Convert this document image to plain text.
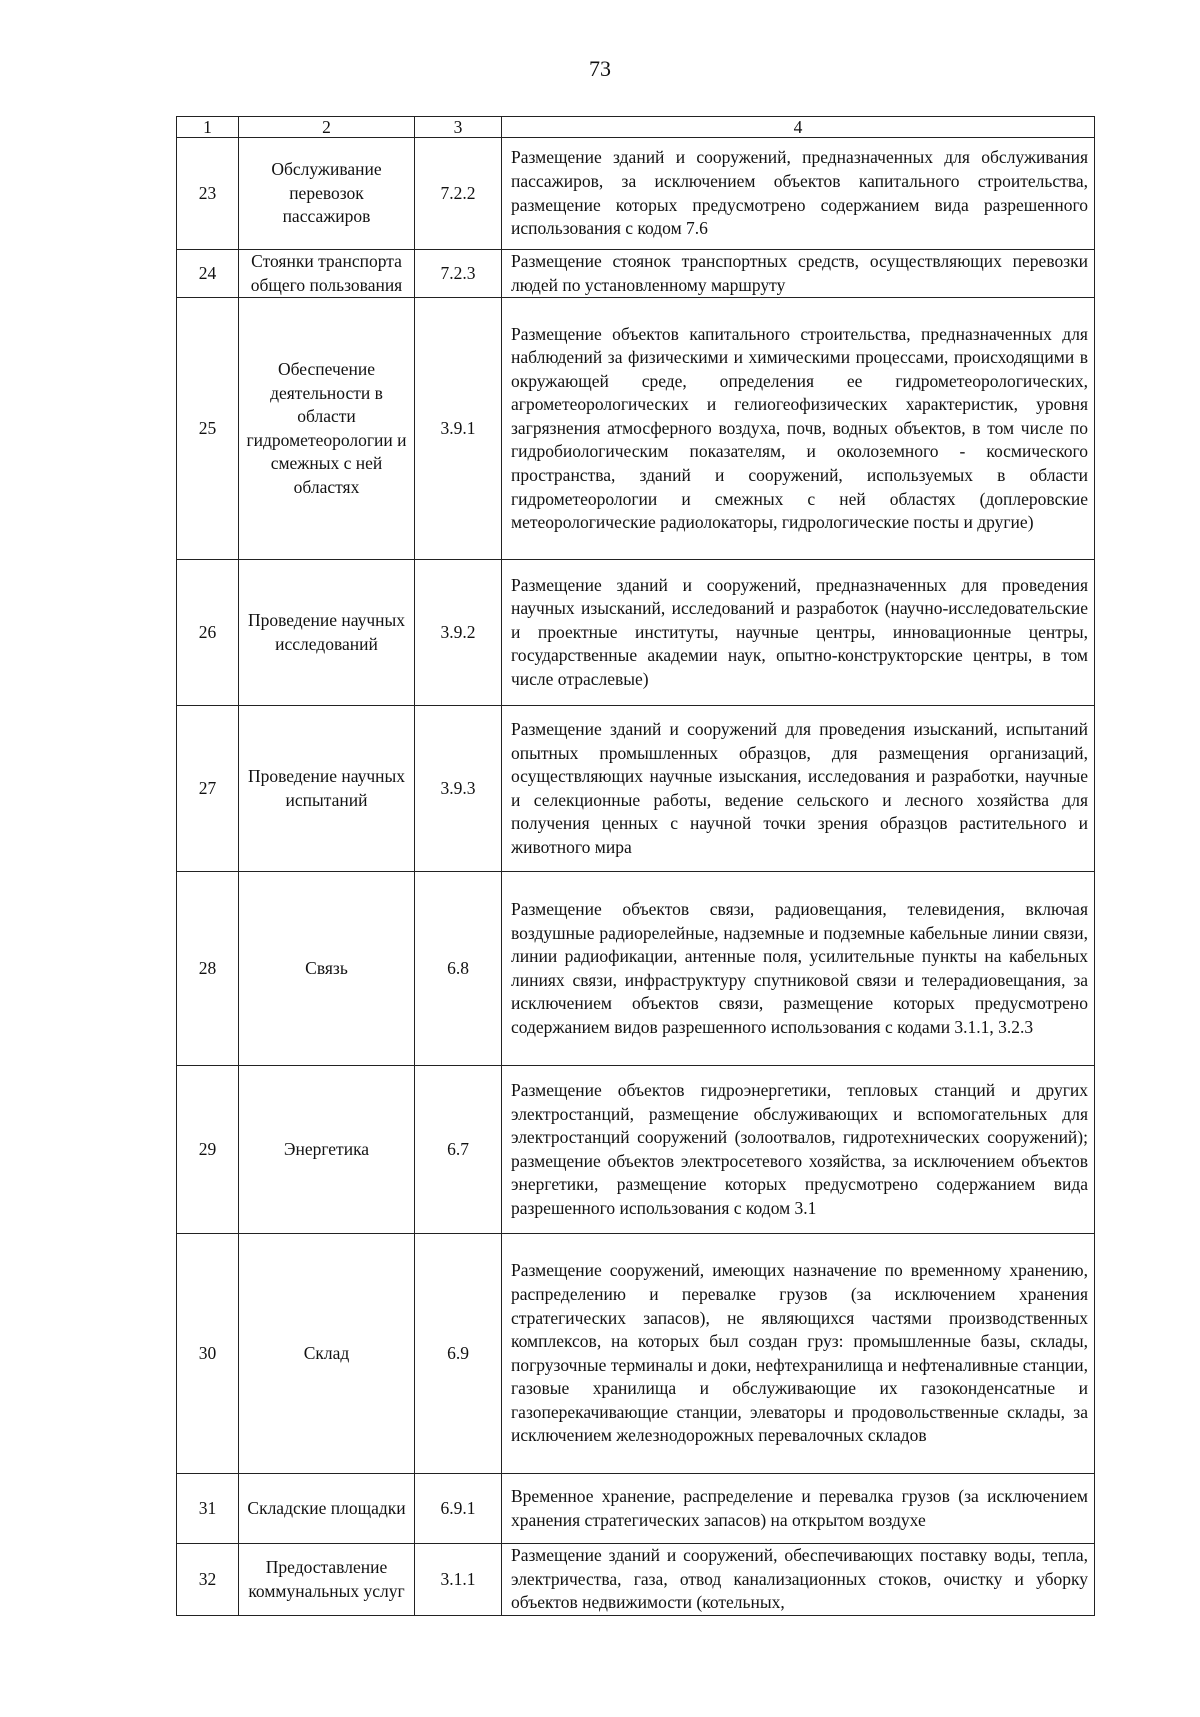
73
1	2	3	4
23	Обслуживание перевозок пассажиров	7.2.2	Размещение зданий и сооружений, предназначенных для обслуживания пассажиров, за исключением объектов капитального строительства, размещение которых предусмотрено содержанием вида разрешенного использования с кодом 7.6
24	Стоянки транспорта общего пользования	7.2.3	Размещение стоянок транспортных средств, осуществляющих перевозки людей по установленному маршруту
25	Обеспечение деятельности в области гидрометеорологии и смежных с ней областях	3.9.1	Размещение объектов капитального строительства, предназначенных для наблюдений за физическими и химическими процессами, происходящими в окружающей среде, определения ее гидрометеорологических, агрометеорологических и гелиогеофизических характеристик, уровня загрязнения атмосферного воздуха, почв, водных объектов, в том числе по гидробиологическим показателям, и околоземного - космического пространства, зданий и сооружений, используемых в области гидрометеорологии и смежных с ней областях (доплеровские метеорологические радиолокаторы, гидрологические посты и другие)
26	Проведение научных исследований	3.9.2	Размещение зданий и сооружений, предназначенных для проведения научных изысканий, исследований и разработок (научно-исследовательские и проектные институты, научные центры, инновационные центры, государственные академии наук, опытно-конструкторские центры, в том числе отраслевые)
27	Проведение научных испытаний	3.9.3	Размещение зданий и сооружений для проведения изысканий, испытаний опытных промышленных образцов, для размещения организаций, осуществляющих научные изыскания, исследования и разработки, научные и селекционные работы, ведение сельского и лесного хозяйства для получения ценных с научной точки зрения образцов растительного и животного мира
28	Связь	6.8	Размещение объектов связи, радиовещания, телевидения, включая воздушные радиорелейные, надземные и подземные кабельные линии связи, линии радиофикации, антенные поля, усилительные пункты на кабельных линиях связи, инфраструктуру спутниковой связи и телерадиовещания, за исключением объектов связи, размещение которых предусмотрено содержанием видов разрешенного использования с кодами 3.1.1, 3.2.3
29	Энергетика	6.7	Размещение объектов гидроэнергетики, тепловых станций и других электростанций, размещение обслуживающих и вспомогательных для электростанций сооружений (золоотвалов, гидротехнических сооружений); размещение объектов электросетевого хозяйства, за исключением объектов энергетики, размещение которых предусмотрено содержанием вида разрешенного использования с кодом 3.1
30	Склад	6.9	Размещение сооружений, имеющих назначение по временному хранению, распределению и перевалке грузов (за исключением хранения стратегических запасов), не являющихся частями производственных комплексов, на которых был создан груз: промышленные базы, склады, погрузочные терминалы и доки, нефтехранилища и нефтеналивные станции, газовые хранилища и обслуживающие их газоконденсатные и газоперекачивающие станции, элеваторы и продовольственные склады, за исключением железнодорожных перевалочных складов
31	Складские площадки	6.9.1	Временное хранение, распределение и перевалка грузов (за исключением хранения стратегических запасов) на открытом воздухе
32	Предоставление коммунальных услуг	3.1.1	Размещение зданий и сооружений, обеспечивающих поставку воды, тепла, электричества, газа, отвод канализационных стоков, очистку и уборку объектов недвижимости (котельных,
